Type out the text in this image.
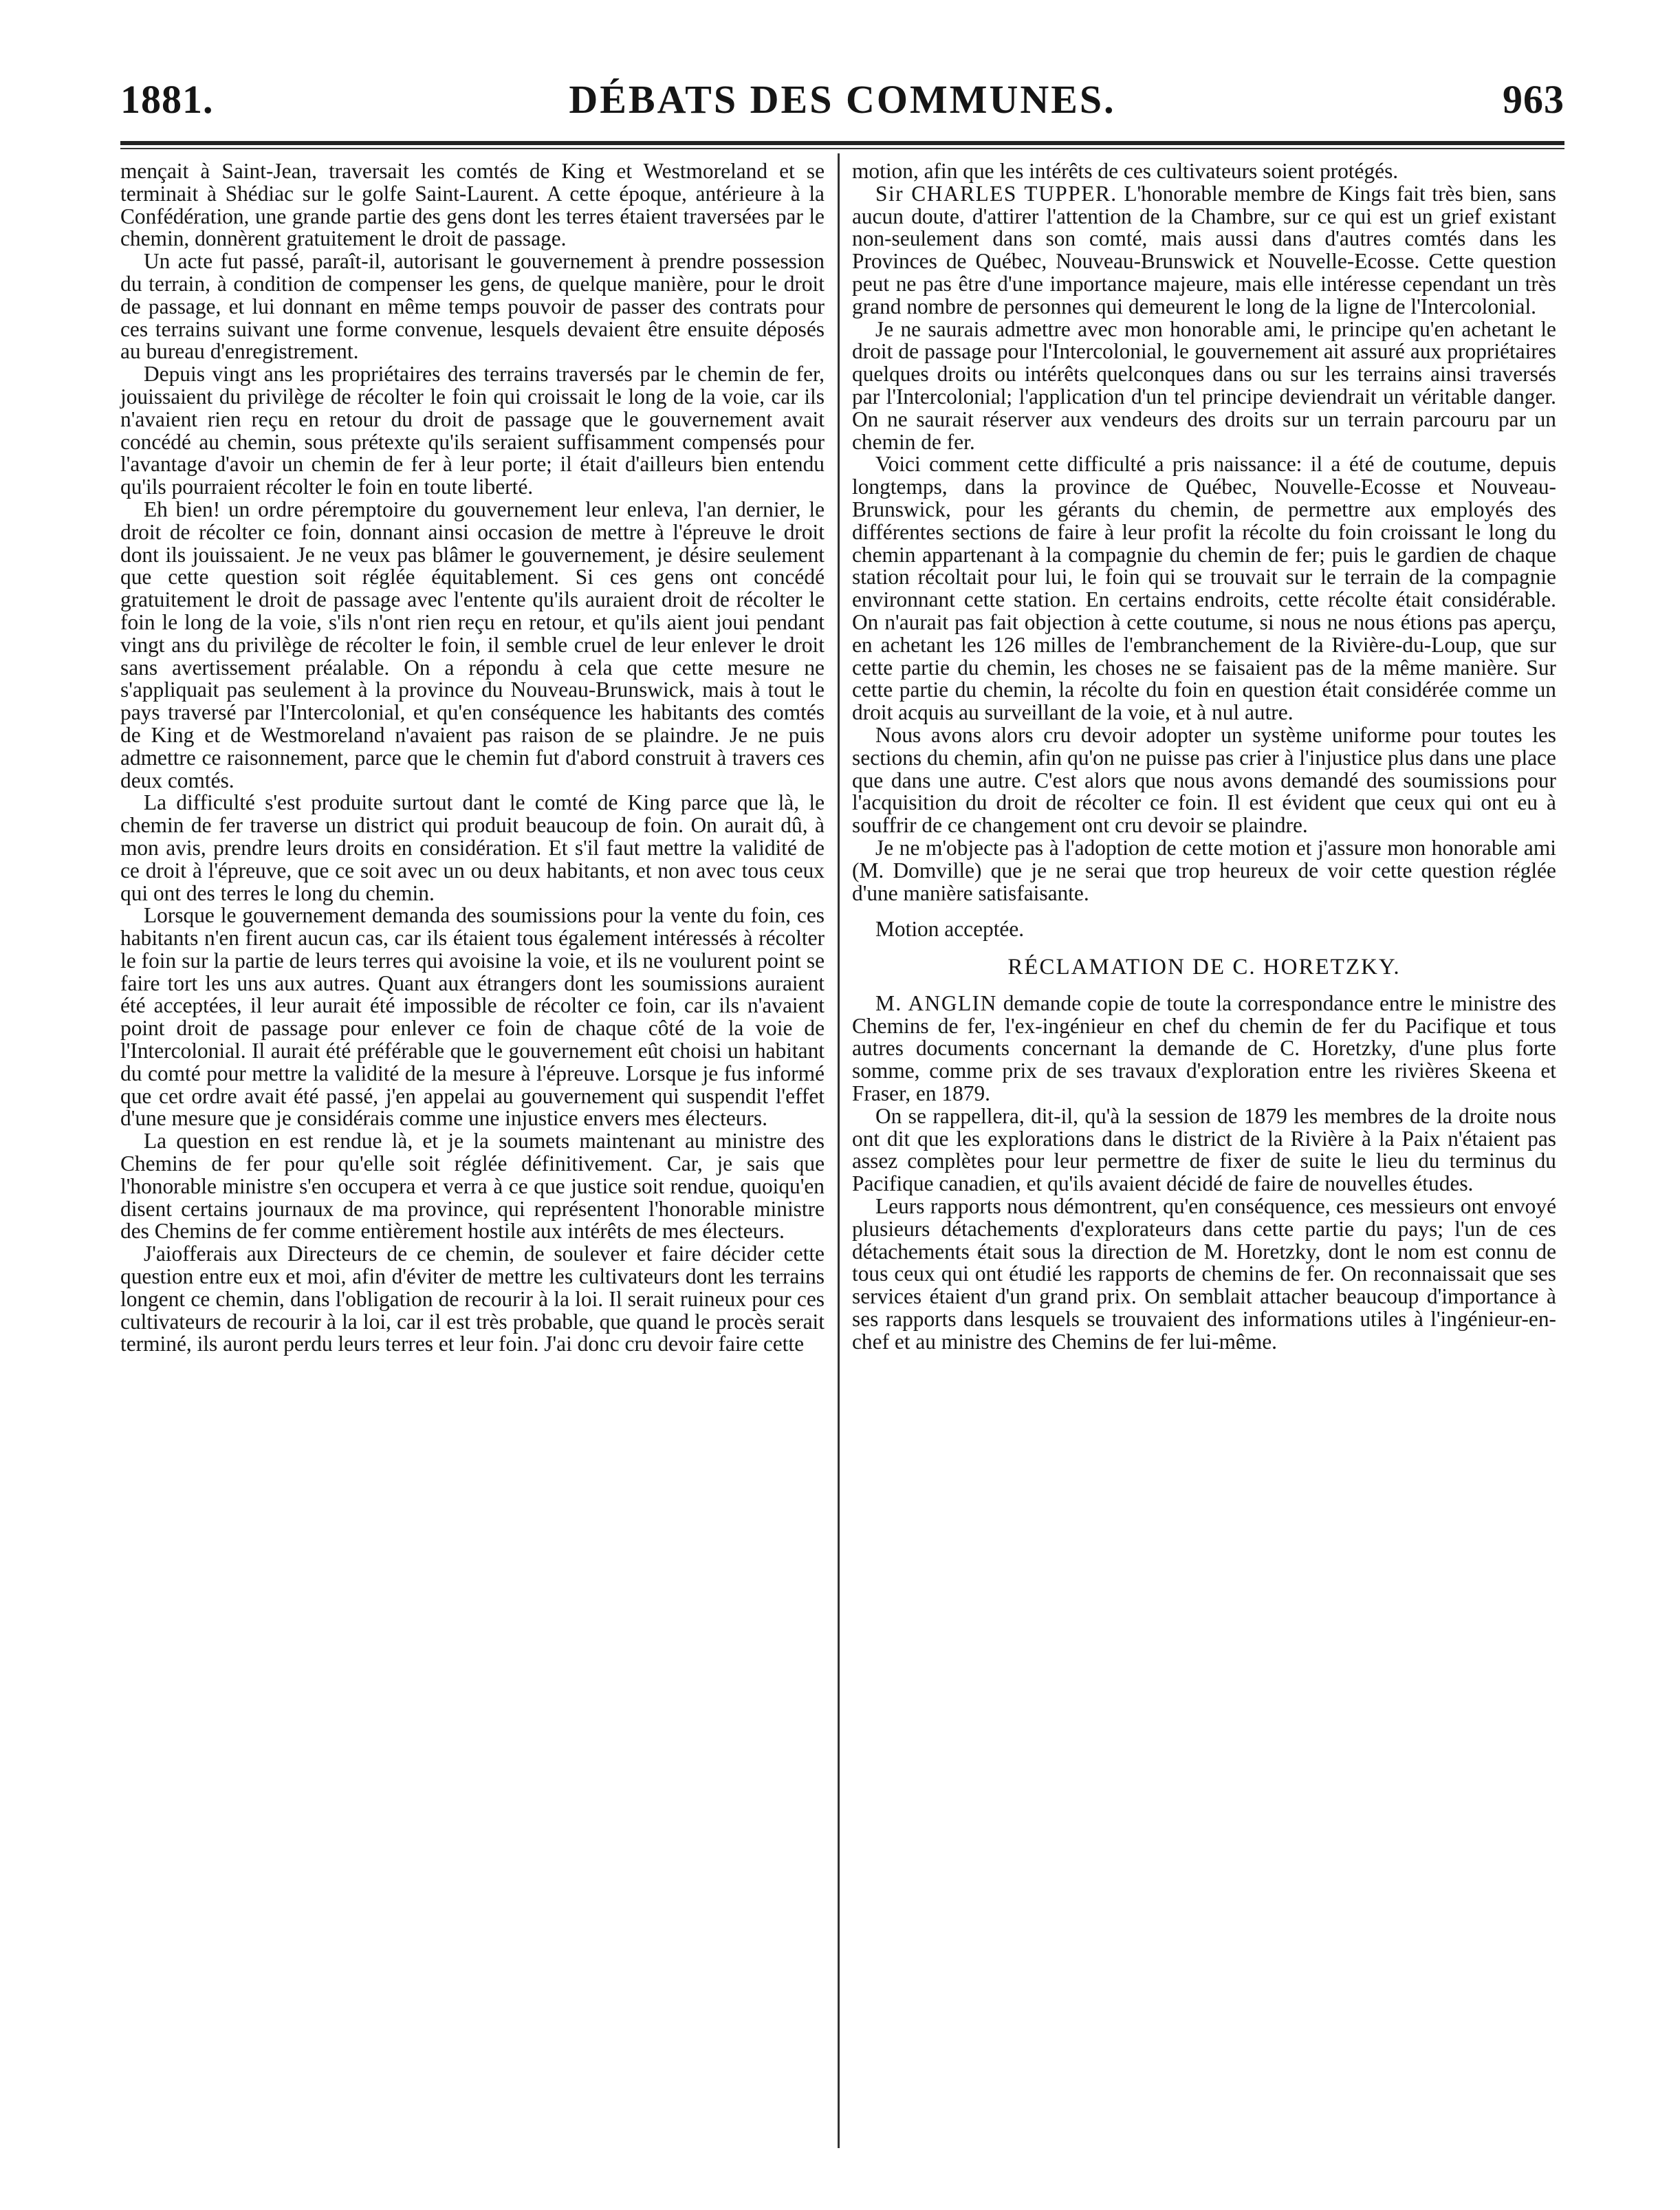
1881.	DÉBATS DES COMMUNES.	963

mençait à Saint-Jean, traversait les comtés de King et Westmoreland et se terminait à Shédiac sur le golfe Saint-Laurent. A cette époque, antérieure à la Confédération, une grande partie des gens dont les terres étaient traversées par le chemin, donnèrent gratuitement le droit de passage.

Un acte fut passé, paraît-il, autorisant le gouvernement à prendre possession du terrain, à condition de compenser les gens, de quelque manière, pour le droit de passage, et lui donnant en même temps pouvoir de passer des contrats pour ces terrains suivant une forme convenue, lesquels devaient être ensuite déposés au bureau d'enregistrement.

Depuis vingt ans les propriétaires des terrains traversés par le chemin de fer, jouissaient du privilège de récolter le foin qui croissait le long de la voie, car ils n'avaient rien reçu en retour du droit de passage que le gouvernement avait concédé au chemin, sous prétexte qu'ils seraient suffisamment compensés pour l'avantage d'avoir un chemin de fer à leur porte; il était d'ailleurs bien entendu qu'ils pourraient récolter le foin en toute liberté.

Eh bien! un ordre péremptoire du gouvernement leur enleva, l'an dernier, le droit de récolter ce foin, donnant ainsi occasion de mettre à l'épreuve le droit dont ils jouissaient. Je ne veux pas blâmer le gouvernement, je désire seulement que cette question soit réglée équitablement. Si ces gens ont concédé gratuitement le droit de passage avec l'entente qu'ils auraient droit de récolter le foin le long de la voie, s'ils n'ont rien reçu en retour, et qu'ils aient joui pendant vingt ans du privilège de récolter le foin, il semble cruel de leur enlever le droit sans avertissement préalable. On a répondu à cela que cette mesure ne s'appliquait pas seulement à la province du Nouveau-Brunswick, mais à tout le pays traversé par l'Intercolonial, et qu'en conséquence les habitants des comtés de King et de Westmoreland n'avaient pas raison de se plaindre. Je ne puis admettre ce raisonnement, parce que le chemin fut d'abord construit à travers ces deux comtés.

La difficulté s'est produite surtout dant le comté de King parce que là, le chemin de fer traverse un district qui produit beaucoup de foin. On aurait dû, à mon avis, prendre leurs droits en considération. Et s'il faut mettre la validité de ce droit à l'épreuve, que ce soit avec un ou deux habitants, et non avec tous ceux qui ont des terres le long du chemin.

Lorsque le gouvernement demanda des soumissions pour la vente du foin, ces habitants n'en firent aucun cas, car ils étaient tous également intéressés à récolter le foin sur la partie de leurs terres qui avoisine la voie, et ils ne voulurent point se faire tort les uns aux autres. Quant aux étrangers dont les soumissions auraient été acceptées, il leur aurait été impossible de récolter ce foin, car ils n'avaient point droit de passage pour enlever ce foin de chaque côté de la voie de l'Intercolonial. Il aurait été préférable que le gouvernement eût choisi un habitant du comté pour mettre la validité de la mesure à l'épreuve. Lorsque je fus informé que cet ordre avait été passé, j'en appelai au gouvernement qui suspendit l'effet d'une mesure que je considérais comme une injustice envers mes électeurs.

La question en est rendue là, et je la soumets maintenant au ministre des Chemins de fer pour qu'elle soit réglée définitivement. Car, je sais que l'honorable ministre s'en occupera et verra à ce que justice soit rendue, quoiqu'en disent certains journaux de ma province, qui représentent l'honorable ministre des Chemins de fer comme entièrement hostile aux intérêts de mes électeurs.

J'aiofferais aux Directeurs de ce chemin, de soulever et faire décider cette question entre eux et moi, afin d'éviter de mettre les cultivateurs dont les terrains longent ce chemin, dans l'obligation de recourir à la loi. Il serait ruineux pour ces cultivateurs de recourir à la loi, car il est très probable, que quand le procès serait terminé, ils auront perdu leurs terres et leur foin. J'ai donc cru devoir faire cette

motion, afin que les intérêts de ces cultivateurs soient protégés.

Sir CHARLES TUPPER. L'honorable membre de Kings fait très bien, sans aucun doute, d'attirer l'attention de la Chambre, sur ce qui est un grief existant non-seulement dans son comté, mais aussi dans d'autres comtés dans les Provinces de Québec, Nouveau-Brunswick et Nouvelle-Ecosse. Cette question peut ne pas être d'une importance majeure, mais elle intéresse cependant un très grand nombre de personnes qui demeurent le long de la ligne de l'Intercolonial.

Je ne saurais admettre avec mon honorable ami, le principe qu'en achetant le droit de passage pour l'Intercolonial, le gouvernement ait assuré aux propriétaires quelques droits ou intérêts quelconques dans ou sur les terrains ainsi traversés par l'Intercolonial; l'application d'un tel principe deviendrait un véritable danger. On ne saurait réserver aux vendeurs des droits sur un terrain parcouru par un chemin de fer.

Voici comment cette difficulté a pris naissance: il a été de coutume, depuis longtemps, dans la province de Québec, Nouvelle-Ecosse et Nouveau-Brunswick, pour les gérants du chemin, de permettre aux employés des différentes sections de faire à leur profit la récolte du foin croissant le long du chemin appartenant à la compagnie du chemin de fer; puis le gardien de chaque station récoltait pour lui, le foin qui se trouvait sur le terrain de la compagnie environnant cette station. En certains endroits, cette récolte était considérable. On n'aurait pas fait objection à cette coutume, si nous ne nous étions pas aperçu, en achetant les 126 milles de l'embranchement de la Rivière-du-Loup, que sur cette partie du chemin, les choses ne se faisaient pas de la même manière. Sur cette partie du chemin, la récolte du foin en question était considérée comme un droit acquis au surveillant de la voie, et à nul autre.

Nous avons alors cru devoir adopter un système uniforme pour toutes les sections du chemin, afin qu'on ne puisse pas crier à l'injustice plus dans une place que dans une autre. C'est alors que nous avons demandé des soumissions pour l'acquisition du droit de récolter ce foin. Il est évident que ceux qui ont eu à souffrir de ce changement ont cru devoir se plaindre.

Je ne m'objecte pas à l'adoption de cette motion et j'assure mon honorable ami (M. Domville) que je ne serai que trop heureux de voir cette question réglée d'une manière satisfaisante.

Motion acceptée.

RÉCLAMATION DE C. HORETZKY.

M. ANGLIN demande copie de toute la correspondance entre le ministre des Chemins de fer, l'ex-ingénieur en chef du chemin de fer du Pacifique et tous autres documents concernant la demande de C. Horetzky, d'une plus forte somme, comme prix de ses travaux d'exploration entre les rivières Skeena et Fraser, en 1879.

On se rappellera, dit-il, qu'à la session de 1879 les membres de la droite nous ont dit que les explorations dans le district de la Rivière à la Paix n'étaient pas assez complètes pour leur permettre de fixer de suite le lieu du terminus du Pacifique canadien, et qu'ils avaient décidé de faire de nouvelles études.

Leurs rapports nous démontrent, qu'en conséquence, ces messieurs ont envoyé plusieurs détachements d'explorateurs dans cette partie du pays; l'un de ces détachements était sous la direction de M. Horetzky, dont le nom est connu de tous ceux qui ont étudié les rapports de chemins de fer. On reconnaissait que ses services étaient d'un grand prix. On semblait attacher beaucoup d'importance à ses rapports dans lesquels se trouvaient des informations utiles à l'ingénieur-en-chef et au ministre des Chemins de fer lui-même.
